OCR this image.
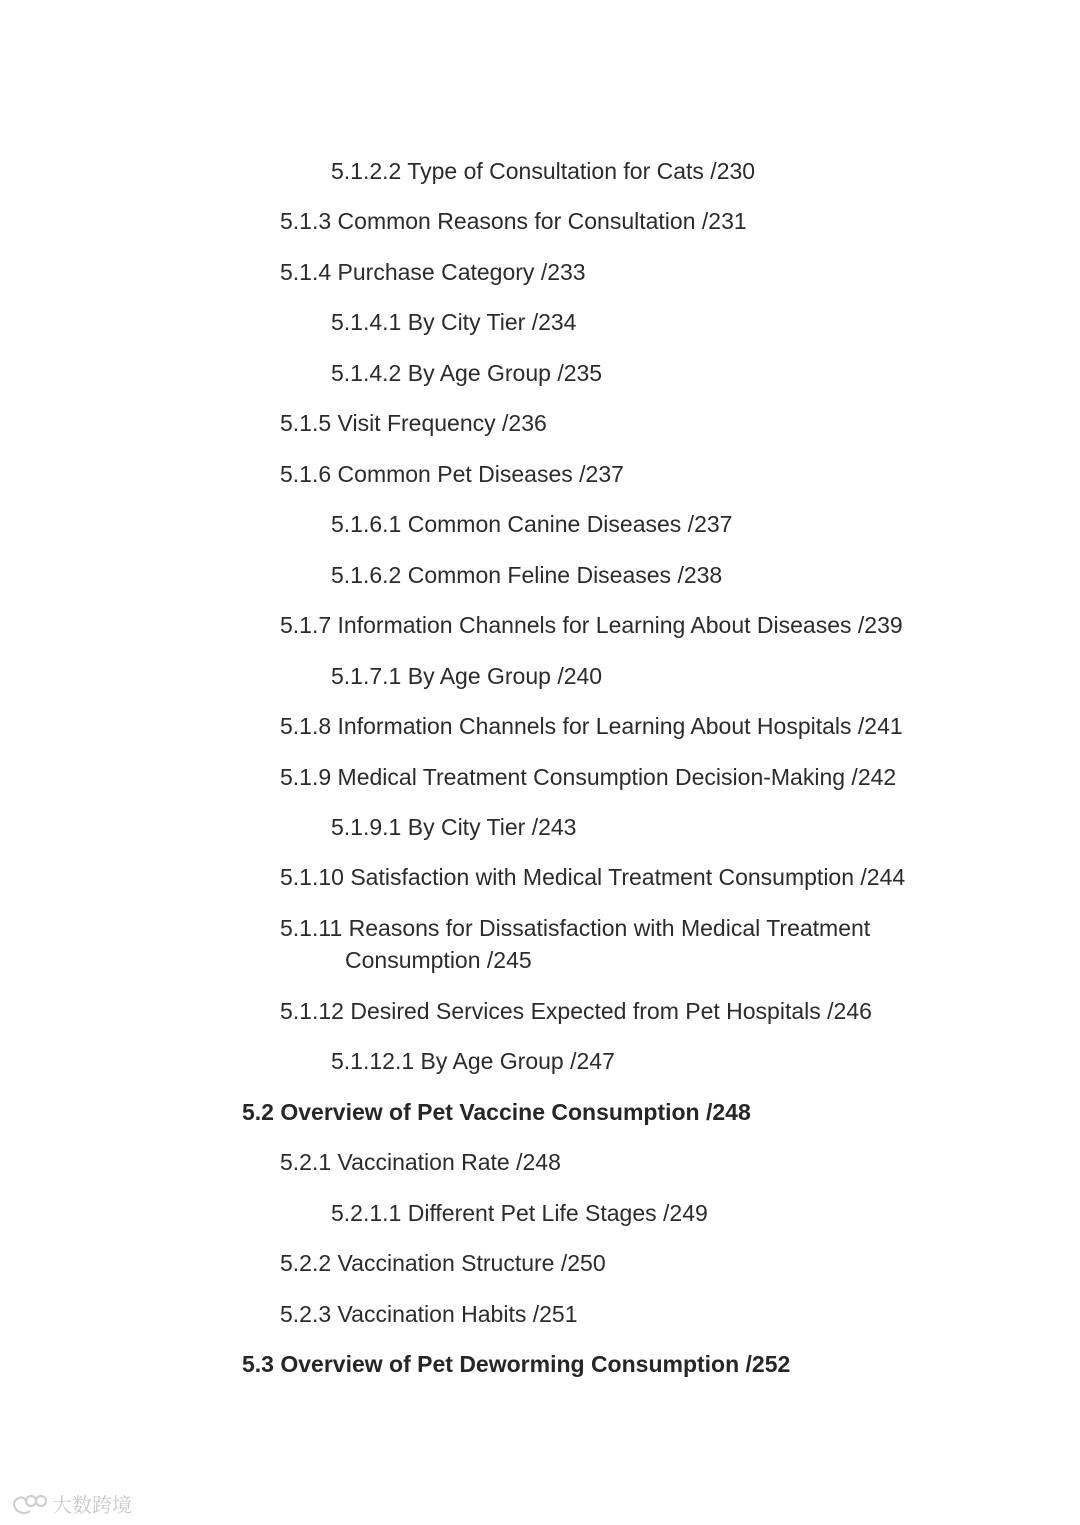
5.1.2.2 Type of Consultation for Cats /230
5.1.3 Common Reasons for Consultation /231
5.1.4 Purchase Category /233
5.1.4.1 By City Tier /234
5.1.4.2 By Age Group /235
5.1.5 Visit Frequency /236
5.1.6 Common Pet Diseases /237
5.1.6.1 Common Canine Diseases /237
5.1.6.2 Common Feline Diseases /238
5.1.7 Information Channels for Learning About Diseases /239
5.1.7.1 By Age Group /240
5.1.8 Information Channels for Learning About Hospitals /241
5.1.9 Medical Treatment Consumption Decision-Making /242
5.1.9.1 By City Tier /243
5.1.10 Satisfaction with Medical Treatment Consumption /244
5.1.11 Reasons for Dissatisfaction with Medical Treatment
Consumption /245
5.1.12 Desired Services Expected from Pet Hospitals /246
5.1.12.1 By Age Group /247
5.2 Overview of Pet Vaccine Consumption /248
5.2.1 Vaccination Rate /248
5.2.1.1 Different Pet Life Stages /249
5.2.2 Vaccination Structure /250
5.2.3 Vaccination Habits /251
5.3 Overview of Pet Deworming Consumption /252
大数跨境
